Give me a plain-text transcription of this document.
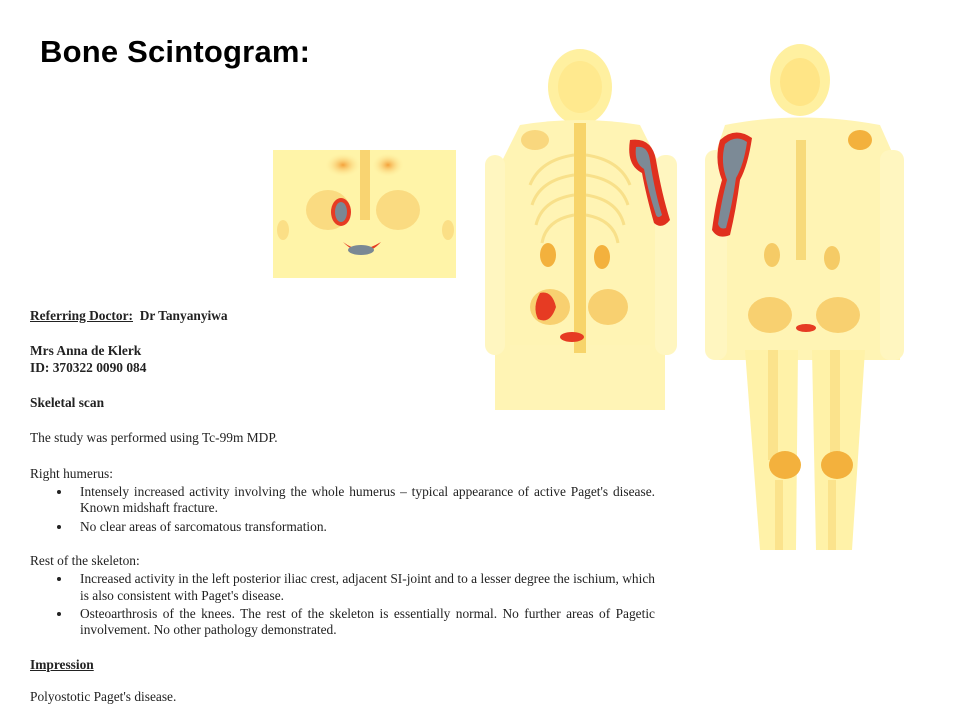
Bone Scintogram:

Referring Doctor: Dr Tanyanyiwa

Mrs Anna de Klerk

ID: 370322 0090 084

Skeletal scan

The study was performed using Tc-99m MDP.

Right humerus:

• Intensely increased activity involving the whole humerus – typical appearance of active Paget's disease. Known midshaft fracture.
• No clear areas of sarcomatous transformation.

Rest of the skeleton:

• Increased activity in the left posterior iliac crest, adjacent SI-joint and to a lesser degree the ischium, which is also consistent with Paget's disease.
• Osteoarthrosis of the knees. The rest of the skeleton is essentially normal. No further areas of Pagetic involvement. No other pathology demonstrated.

Impression

Polyostotic Paget's disease.
